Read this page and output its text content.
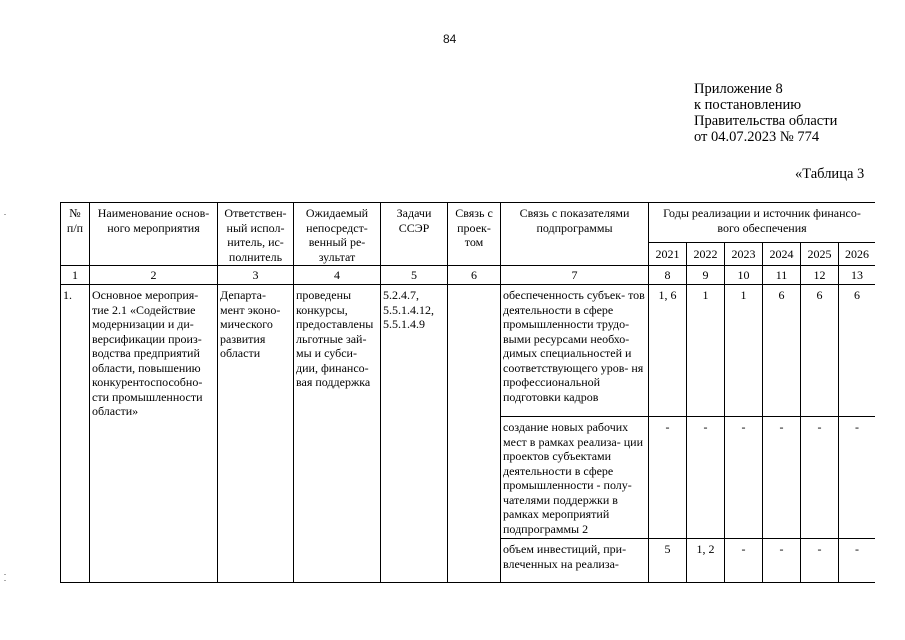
84
Приложение 8
к постановлению
Правительства области
от 04.07.2023 № 774
«Таблица 3
№ п/п	Наименование основ- ного мероприятия	Ответствен- ный испол- нитель, ис- полнитель	Ожидаемый непосредст- венный ре- зультат	Задачи ССЭР	Связь с проек- том	Связь с показателями подпрограммы	Годы реализации и источник финансо- вого обеспечения					
							2021	2022	2023	2024	2025	2026
1	2	3	4	5	6	7	8	9	10	11	12	13
1.	Основное мероприя- тие 2.1 «Содействие модернизации и ди- версификации произ- водства предприятий области, повышению конкурентоспособно- сти промышленности области»	Департа- мент эконо- мического развития области	проведены конкурсы, предоставлены льготные зай- мы и субси- дии, финансо- вая поддержка	5.2.4.7, 5.5.1.4.12, 5.5.1.4.9		обеспеченность субъек- тов деятельности в сфере промышленности трудо- выми ресурсами необхо- димых специальностей и соответствующего уров- ня профессиональной подготовки кадров	1, 6	1	1	6	6	6
						создание новых рабочих мест в рамках реализа- ции проектов субъектами деятельности в сфере промышленности - полу- чателями поддержки в рамках мероприятий подпрограммы 2	-	-	-	-	-	-
						объем инвестиций, при- влеченных на реализа-	5	1, 2	-	-	-	-
